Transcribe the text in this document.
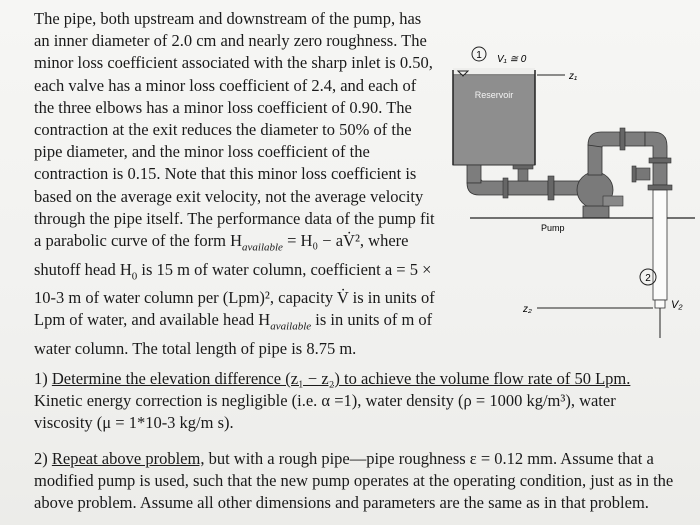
The pipe, both upstream and downstream of the pump, has
an inner diameter of 2.0 cm and nearly zero roughness. The
minor loss coefficient associated with the sharp inlet is 0.50,
each valve has a minor loss coefficient of 2.4, and each of
the three elbows has a minor loss coefficient of 0.90. The
contraction at the exit reduces the diameter to 50% of the
pipe diameter, and the minor loss coefficient of the
contraction is 0.15. Note that this minor loss coefficient is
based on the average exit velocity, not the average velocity
through the pipe itself. The performance data of the pump fit
a parabolic curve of the form $H_{available} = H_0$ − aV̇², where
shutoff head $H_0$ is 15 m of water column, coefficient a = 5 ×
10-3 m of water column per (Lpm)², capacity V̇ is in units of
Lpm of water, and available head $H_{available}$ is in units of m of
water column. The total length of pipe is 8.75 m.
1 V₁ ≅ 0
z₁
Reservoir
Pump
2
z₂	V₂
1) Determine the elevation difference (z₁ − z₂) to achieve the volume flow rate of 50 Lpm.
Kinetic energy correction is negligible (i.e. α =1), water density (ρ = 1000 kg/m³), water
viscosity (μ = 1*10-3 kg/m s).
2) Repeat above problem, but with a rough pipe—pipe roughness ε = 0.12 mm. Assume that a
modified pump is used, such that the new pump operates at the operating condition, just as in the
above problem. Assume all other dimensions and parameters are the same as in that problem.
